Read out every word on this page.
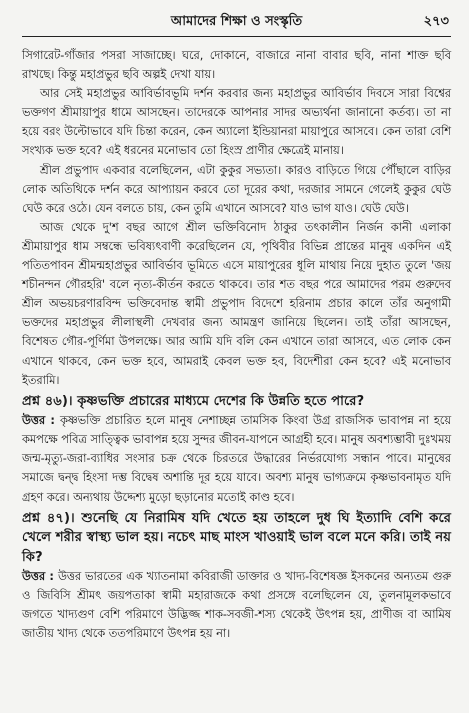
আমাদের শিক্ষা ও সংস্কৃতি	২৭৩

সিগারেট-গাঁজার পসরা সাজাচ্ছে। ঘরে, দোকানে, বাজারে নানা বাবার ছবি, নানা শাক্ত ছবি রাখছে। কিন্তু মহাপ্রভুর ছবি অল্পই দেখা যায়।

আর সেই মহাপ্রভুর আবির্ভাবভূমি দর্শন করবার জন্য মহাপ্রভুর আবির্ভাব দিবসে সারা বিশ্বের ভক্তগণ শ্রীমায়াপুর ধামে আসছেন। তাদেরকে আপনার সাদর অভ্যর্থনা জানানো কর্তব্য। তা না হয়ে বরং উল্টোভাবে যদি চিন্তা করেন, কেন অ্যালো ইন্ডিয়ানরা মায়াপুরে আসবে। কেন তারা বেশি সংখ্যক ভক্ত হবে? এই ধরনের মনোভাব তো হিংস্র প্রাণীর ক্ষেত্রেই মানায়।

শ্রীল প্রভুপাদ একবার বলেছিলেন, এটা কুকুর সভ্যতা। কারও বাড়িতে গিয়ে পৌঁছালে বাড়ির লোক অতিথিকে দর্শন করে আপ্যায়ন করবে তো দূরের কথা, দরজার সামনে গেলেই কুকুর ঘেউ ঘেউ করে ওঠে। যেন বলতে চায়, কেন তুমি এখানে আসবে? যাও ভাগ যাও। ঘেউ ঘেউ।

আজ থেকে দু'শ বছর আগে শ্রীল ভক্তিবিনোদ ঠাকুর তৎকালীন নির্জন কানী এলাকা শ্রীমায়াপুর ধাম সম্বন্ধে ভবিষ্যৎবাণী করেছিলেন যে, পৃথিবীর বিভিন্ন প্রান্তের মানুষ একদিন এই পতিতপাবন শ্রীমন্মহাপ্রভুর আবির্ভাব ভূমিতে এসে মায়াপুরের ধূলি মাথায় নিয়ে দুহাত তুলে 'জয় শচীনন্দন গৌরহরি' বলে নৃত্য-কীর্তন করতে থাকবে। তার শত বছর পরে আমাদের পরম গুরুদেব শ্রীল অভয়চরণারবিন্দ ভক্তিবেদান্ত স্বামী প্রভুপাদ বিদেশে হরিনাম প্রচার কালে তাঁর অনুগামী ভক্তদের মহাপ্রভুর লীলাস্থলী দেখবার জন্য আমন্ত্রণ জানিয়ে ছিলেন। তাই তাঁরা আসছেন, বিশেষত গৌর-পূর্ণিমা উপলক্ষে। আর আমি যদি বলি কেন এখানে তারা আসবে, এত লোক কেন এখানে থাকবে, কেন ভক্ত হবে, আমরাই কেবল ভক্ত হব, বিদেশীরা কেন হবে? এই মনোভাব ইতরামি।

প্রশ্ন ৪৬)। কৃষ্ণভক্তি প্রচারের মাধ্যমে দেশের কি উন্নতি হতে পারে?

উত্তর : কৃষ্ণভক্তি প্রচারিত হলে মানুষ নেশাচ্ছন্ন তামসিক কিংবা উগ্র রাজসিক ভাবাপন্ন না হয়ে কমপক্ষে পবিত্র সাত্ত্বিক ভাবাপন্ন হয়ে সুন্দর জীবন-যাপনে আগ্রহী হবে। মানুষ অবশ্যম্ভাবী দুঃখময় জন্ম-মৃত্যু-জরা-ব্যাধির সংসার চক্র থেকে চিরতরে উদ্ধারের নির্ভরযোগ্য সন্ধান পাবে। মানুষের সমাজে দ্বন্দ্ব হিংসা দম্ভ বিদ্বেষ অশান্তি দূর হয়ে যাবে। অবশ্য মানুষ ভাগ্যক্রমে কৃষ্ণভাবনামৃত যদি গ্রহণ করে। অন্যথায় উদ্দেশ্য মুড়ো ছড়ানোর মতোই কাণ্ড হবে।

প্রশ্ন ৪৭)। শুনেছি যে নিরামিষ যদি খেতে হয় তাহলে দুধ ঘি ইত্যাদি বেশি করে খেলে শরীর স্বাস্থ্য ভাল হয়। নচেৎ মাছ মাংস খাওয়াই ভাল বলে মনে করি। তাই নয় কি?

উত্তর : উত্তর ভারতের এক খ্যাতনামা কবিরাজী ডাক্তার ও খাদ্য-বিশেষজ্ঞ ইসকনের অন্যতম গুরু ও জিবিসি শ্রীমৎ জয়পতাকা স্বামী মহারাজকে কথা প্রসঙ্গে বলেছিলেন যে, তুলনামূলকভাবে জগতে খাদ্যগুণ বেশি পরিমাণে উদ্ভিজ্জ শাক-সবজী-শস্য থেকেই উৎপন্ন হয়, প্রাণীজ বা আমিষ জাতীয় খাদ্য থেকে ততপরিমাণে উৎপন্ন হয় না।
